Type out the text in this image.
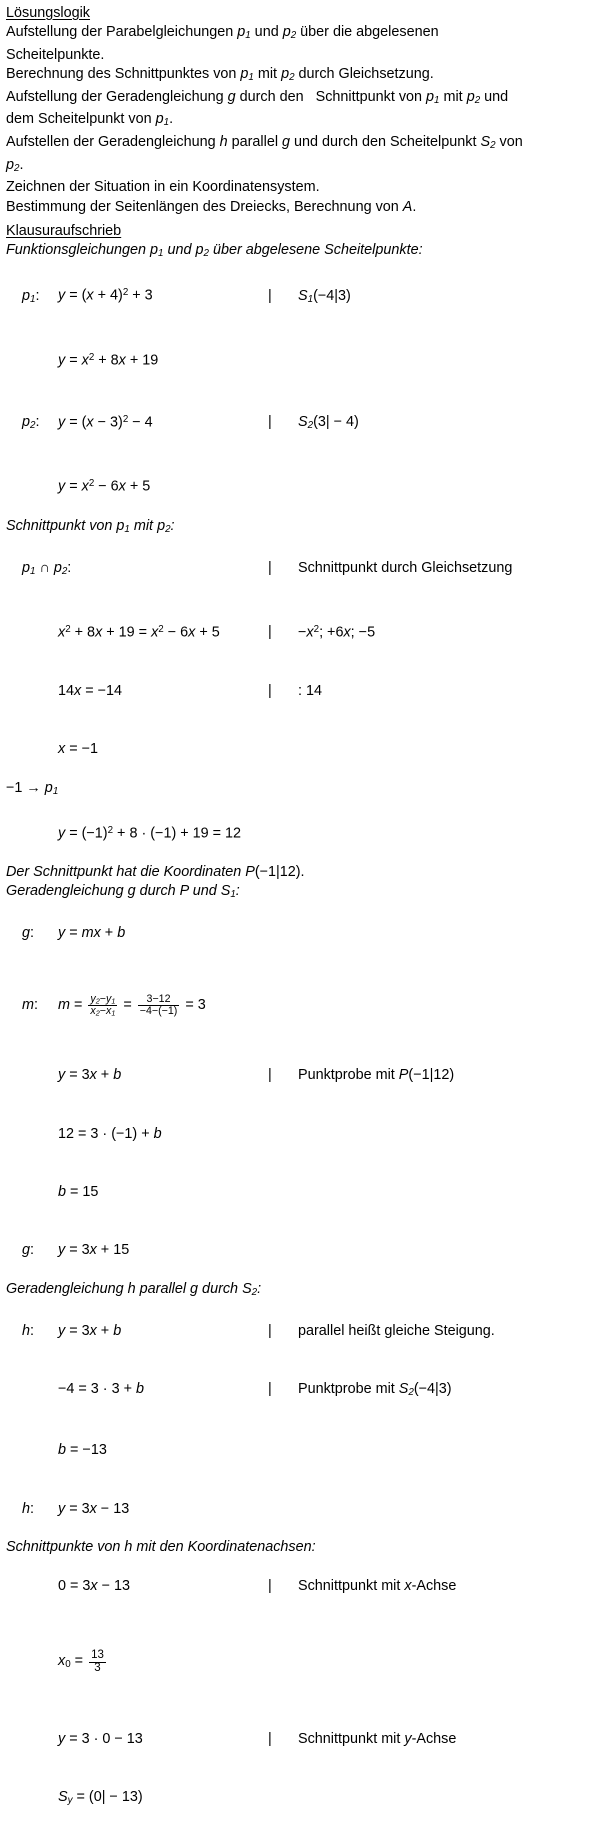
Lösungslogik
Aufstellung der Parabelgleichungen $p_1$ und $p_2$ über die abgelesenen
Scheitelpunkte.
Berechnung des Schnittpunktes von $p_1$ mit $p_2$ durch Gleichsetzung.
Aufstellung der Geradengleichung g durch den   Schnittpunkt von $p_1$ mit $p_2$ und
dem Scheitelpunkt von $p_1$.
Aufstellen der Geradengleichung h parallel g und durch den Scheitelpunkt $S_2$ von
$p_2$.
Zeichnen der Situation in ein Koordinatensystem.
Bestimmung der Seitenlängen des Dreiecks, Berechnung von A.
Klausuraufschrieb
Funktionsgleichungen $p_1$ und $p_2$ über abgelesene Scheitelpunkte:

$p_1$: $y = (x + 4)^2 + 3$	| $S_1(-4|3)$

$y = x^2 + 8x + 19$

$p_2$: $y = (x - 3)^2 - 4$	| $S_2(3| - 4)$

$y = x^2 - 6x + 5$

Schnittpunkt von $p_1$ mit $p_2$:

$p_1$ ∩ $p_2$:	| Schnittpunkt durch Gleichsetzung

$x^2 + 8x + 19 = x^2 - 6x + 5$	| $-x^2$; +6x; −5

14x = −14	| : 14

x = −1

$-1 \to p_1$

$y = (-1)^2 + 8 \cdot (-1) + 19 = 12$

Der Schnittpunkt hat die Koordinaten P(−1|12).
Geradengleichung g durch P und $S_1$:

g: y = mx + b

m: $m = \frac{y_2-y_1}{x_2-x_1} = \frac{3-12}{-4-(-1)} = 3$

y = 3x + b	| Punktprobe mit P(−1|12)

12 = 3 · (−1) + b

b = 15

g: y = 3x + 15

Geradengleichung h parallel g durch $S_2$:

h: y = 3x + b	| parallel heißt gleiche Steigung.

−4 = 3 · 3 + b	| Punktprobe mit $S_2(-4|3)$

b = −13

h: y = 3x − 13

Schnittpunkte von h mit den Koordinatenachsen:

0 = 3x − 13	| Schnittpunkt mit x-Achse

$x_0 = \frac{13}{3}$

y = 3 · 0 − 13	| Schnittpunkt mit y-Achse

$S_y = (0| - 13)$
